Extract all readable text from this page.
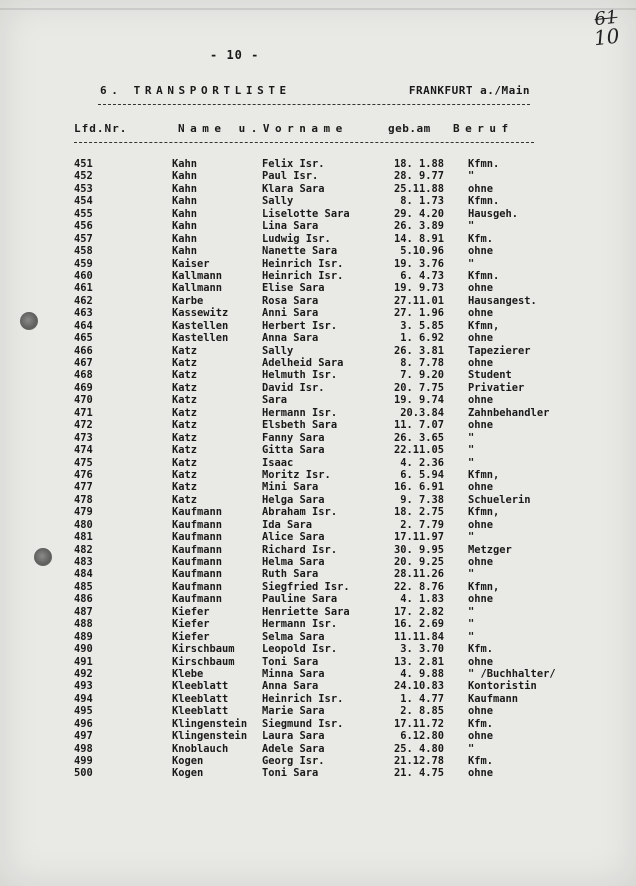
61
10
- 10 -
6. TRANSPORTLISTE	FRANKFURT a./Main
Lfd.Nr.	Name u.Vorname	geb.am Beruf
451	Kahn	Felix Isr.	18. 1.88 Kfmn.
452	Kahn	Paul Isr.	28. 9.77 "
453	Kahn	Klara Sara	25.11.88 ohne
454	Kahn	Sally	8. 1.73 Kfmn.
455	Kahn	Liselotte Sara	29. 4.20 Hausgeh.
456	Kahn	Lina Sara	26. 3.89 "
457	Kahn	Ludwig Isr.	14. 8.91 Kfm.
458	Kahn	Nanette Sara	5.10.96 ohne
459	Kaiser	Heinrich Isr.	19. 3.76 "
460	Kallmann	Heinrich Isr.	6. 4.73 Kfmn.
461	Kallmann	Elise Sara	19. 9.73 ohne
462	Karbe	Rosa Sara	27.11.01 Hausangest.
463	Kassewitz	Anni Sara	27. 1.96 ohne
464	Kastellen	Herbert Isr.	3. 5.85 Kfmn,
465	Kastellen	Anna Sara	1. 6.92 ohne
466	Katz	Sally	26. 3.81 Tapezierer
467	Katz	Adelheid Sara	8. 7.78 ohne
468	Katz	Helmuth Isr.	7. 9.20 Student
469	Katz	David Isr.	20. 7.75 Privatier
470	Katz	Sara	19. 9.74 ohne
471	Katz	Hermann Isr.	20.3.84 Zahnbehandler
472	Katz	Elsbeth Sara	11. 7.07 ohne
473	Katz	Fanny Sara	26. 3.65 "
474	Katz	Gitta Sara	22.11.05 "
475	Katz	Isaac	4. 2.36 "
476	Katz	Moritz Isr.	6. 5.94 Kfmn,
477	Katz	Mini Sara	16. 6.91 ohne
478	Katz	Helga Sara	9. 7.38 Schuelerin
479	Kaufmann	Abraham Isr.	18. 2.75 Kfmn,
480	Kaufmann	Ida Sara	2. 7.79 ohne
481	Kaufmann	Alice Sara	17.11.97 "
482	Kaufmann	Richard Isr.	30. 9.95 Metzger
483	Kaufmann	Helma Sara	20. 9.25 ohne
484	Kaufmann	Ruth Sara	28.11.26 "
485	Kaufmann	Siegfried Isr.	22. 8.76 Kfmn,
486	Kaufmann	Pauline Sara	4. 1.83 ohne
487	Kiefer	Henriette Sara	17. 2.82 "
488	Kiefer	Hermann Isr.	16. 2.69 "
489	Kiefer	Selma Sara	11.11.84 "
490	Kirschbaum	Leopold Isr.	3. 3.70 Kfm.
491	Kirschbaum	Toni Sara	13. 2.81 ohne
492	Klebe	Minna Sara	4. 9.88 " /Buchhalter/
493	Kleeblatt	Anna Sara	24.10.83 Kontoristin
494	Kleeblatt	Heinrich Isr.	1. 4.77 Kaufmann
495	Kleeblatt	Marie Sara	2. 8.85 ohne
496	Klingenstein Siegmund Isr.	17.11.72 Kfm.
497	Klingenstein Laura Sara	6.12.80 ohne
498	Knoblauch	Adele Sara	25. 4.80 "
499	Kogen	Georg Isr.	21.12.78 Kfm.
500	Kogen	Toni Sara	21. 4.75 ohne
